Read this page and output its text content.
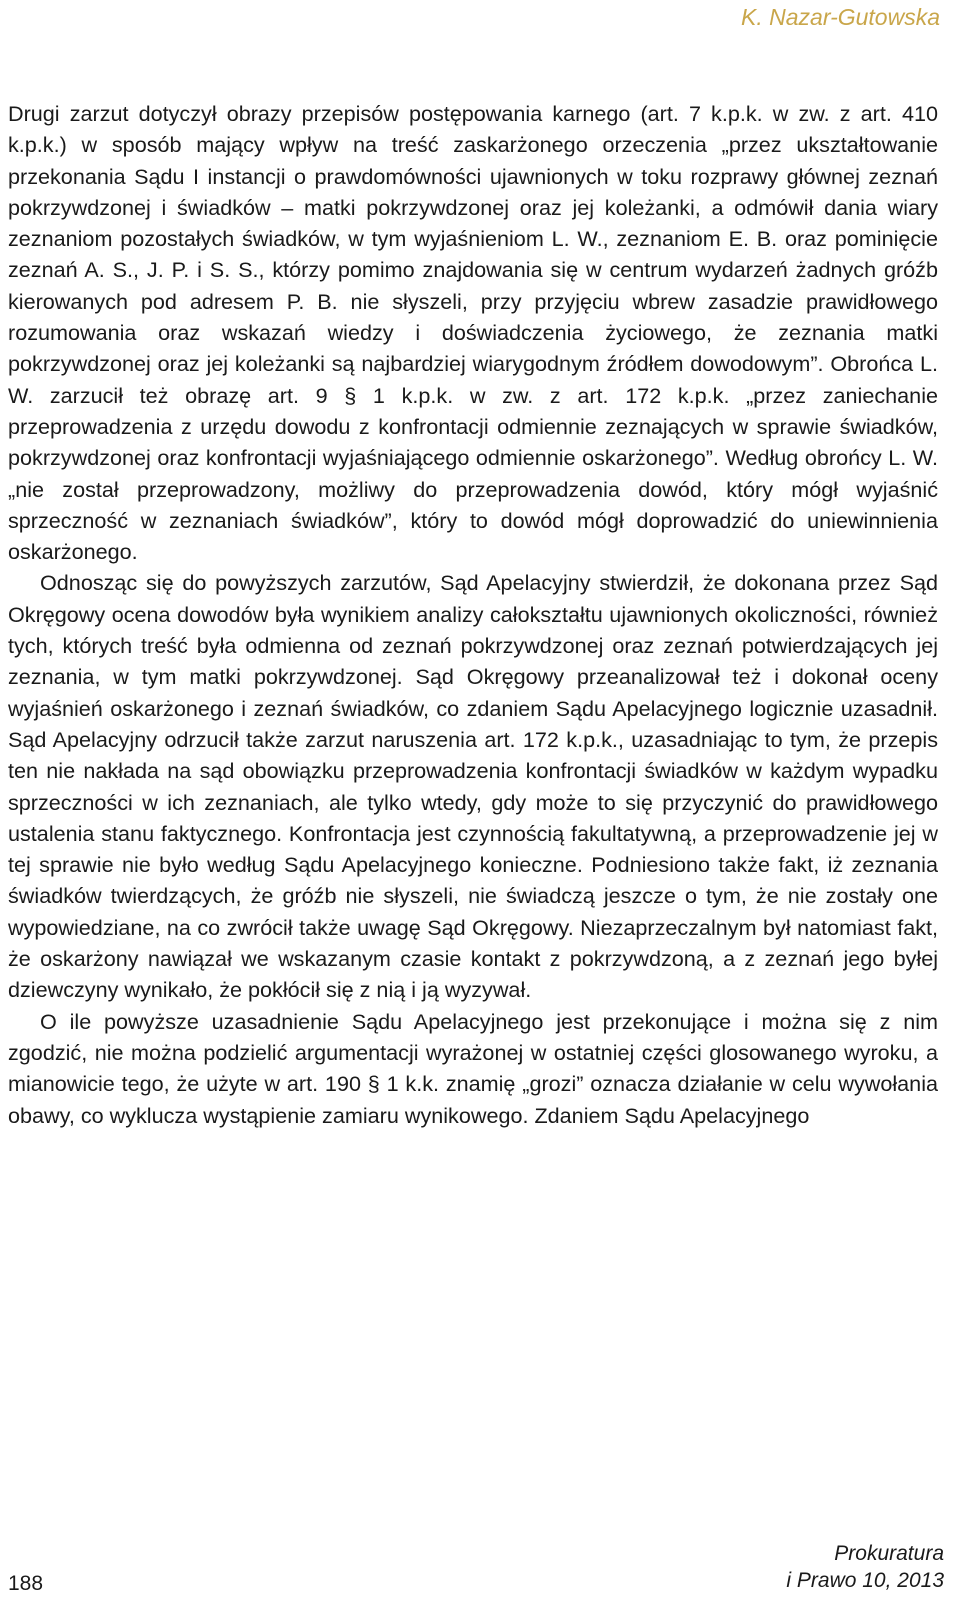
K. Nazar-Gutowska

Drugi zarzut dotyczył obrazy przepisów postępowania karnego (art. 7 k.p.k. w zw. z art. 410 k.p.k.) w sposób mający wpływ na treść zaskarżonego orzeczenia „przez ukształtowanie przekonania Sądu I instancji o prawdomówności ujawnionych w toku rozprawy głównej zeznań pokrzywdzonej i świadków – matki pokrzywdzonej oraz jej koleżanki, a odmówił dania wiary zeznaniom pozostałych świadków, w tym wyjaśnieniom L. W., zeznaniom E. B. oraz pominięcie zeznań A. S., J. P. i S. S., którzy pomimo znajdowania się w centrum wydarzeń żadnych gróźb kierowanych pod adresem P. B. nie słyszeli, przy przyjęciu wbrew zasadzie prawidłowego rozumowania oraz wskazań wiedzy i doświadczenia życiowego, że zeznania matki pokrzywdzonej oraz jej koleżanki są najbardziej wiarygodnym źródłem dowodowym”. Obrońca L. W. zarzucił też obrazę art. 9 § 1 k.p.k. w zw. z art. 172 k.p.k. „przez zaniechanie przeprowadzenia z urzędu dowodu z konfrontacji odmiennie zeznających w sprawie świadków, pokrzywdzonej oraz konfrontacji wyjaśniającego odmiennie oskarżonego”. Według obrońcy L. W. „nie został przeprowadzony, możliwy do przeprowadzenia dowód, który mógł wyjaśnić sprzeczność w zeznaniach świadków”, który to dowód mógł doprowadzić do uniewinnienia oskarżonego.

Odnosząc się do powyższych zarzutów, Sąd Apelacyjny stwierdził, że dokonana przez Sąd Okręgowy ocena dowodów była wynikiem analizy całokształtu ujawnionych okoliczności, również tych, których treść była odmienna od zeznań pokrzywdzonej oraz zeznań potwierdzających jej zeznania, w tym matki pokrzywdzonej. Sąd Okręgowy przeanalizował też i dokonał oceny wyjaśnień oskarżonego i zeznań świadków, co zdaniem Sądu Apelacyjnego logicznie uzasadnił. Sąd Apelacyjny odrzucił także zarzut naruszenia art. 172 k.p.k., uzasadniając to tym, że przepis ten nie nakłada na sąd obowiązku przeprowadzenia konfrontacji świadków w każdym wypadku sprzeczności w ich zeznaniach, ale tylko wtedy, gdy może to się przyczynić do prawidłowego ustalenia stanu faktycznego. Konfrontacja jest czynnością fakultatywną, a przeprowadzenie jej w tej sprawie nie było według Sądu Apelacyjnego konieczne. Podniesiono także fakt, iż zeznania świadków twierdzących, że gróźb nie słyszeli, nie świadczą jeszcze o tym, że nie zostały one wypowiedziane, na co zwrócił także uwagę Sąd Okręgowy. Niezaprzeczalnym był natomiast fakt, że oskarżony nawiązał we wskazanym czasie kontakt z pokrzywdzoną, a z zeznań jego byłej dziewczyny wynikało, że pokłócił się z nią i ją wyzywał.

O ile powyższe uzasadnienie Sądu Apelacyjnego jest przekonujące i można się z nim zgodzić, nie można podzielić argumentacji wyrażonej w ostatniej części glosowanego wyroku, a mianowicie tego, że użyte w art. 190 § 1 k.k. znamię „grozi” oznacza działanie w celu wywołania obawy, co wyklucza wystąpienie zamiaru wynikowego. Zdaniem Sądu Apelacyjnego

188
Prokuratura
i Prawo 10, 2013
